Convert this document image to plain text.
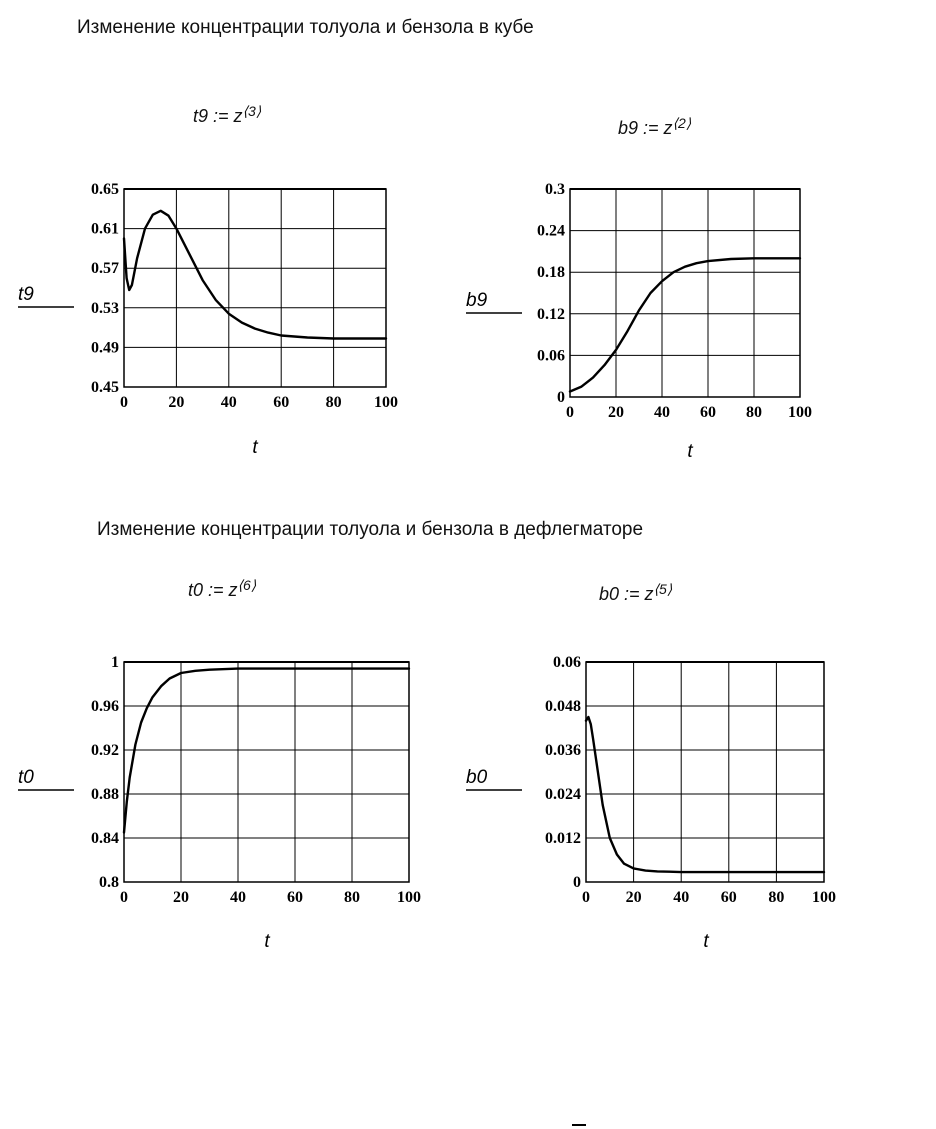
Изменение концентрации толуола и бензола в кубе
Изменение концентрации толуола и бензола в дефлегматоре
t9 := $z^{⟨3⟩}$
b9 := $z^{⟨2⟩}$
t0 := $z^{⟨6⟩}$	b0 := $z^{⟨5⟩}$
0	20 40 60 80 100
0.45
0.49
0.53
0.57
0.61
0.65
t9
t
0 20 40 60 80 100
0
0.06
0.12
0.18
0.24
0.3
b9
t
0	20	40	60	80 100
0.8
0.84
0.88
0.92
0.96
1
t0
t
0 20 40 60 80 100
0
0.012
0.024
0.036
0.048
0.06
b0
t
